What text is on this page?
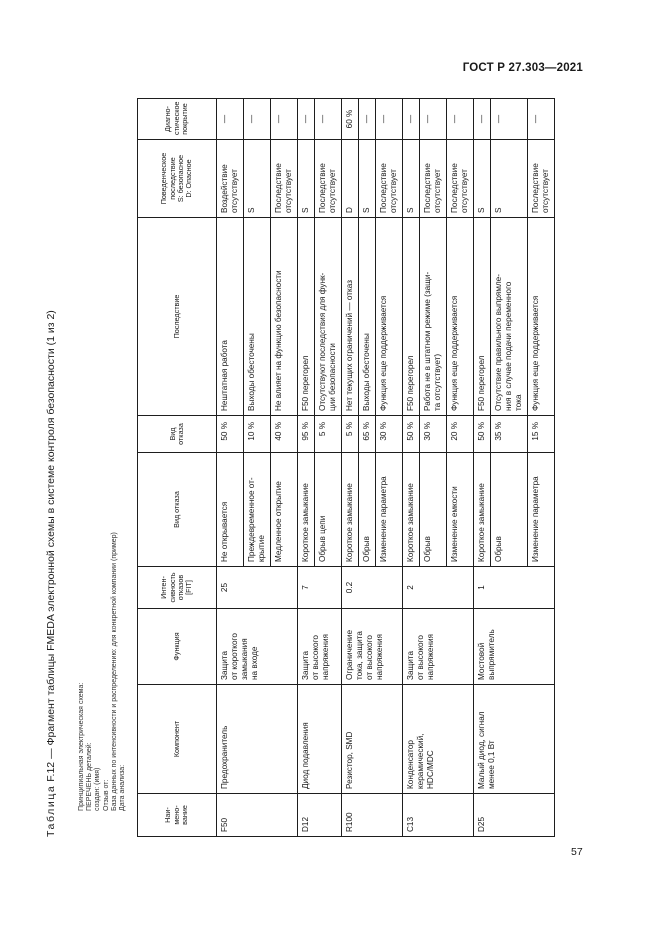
ГОСТ Р 27.303—2021
Таблица F.12 — Фрагмент таблицы FMEDA электронной схемы в системе контроля безопасности (1 из 2)	Принципиальная электрическая схема: ПЕРЕЧЕНЬ деталей: создан: (имя) Отзыв от: База данных по интенсивности и распределению: для конкретной компании (пример) Дата анализа:
Наи-
мено-
вание	Компонент	Функция	Интен-
сивность
отказов
[FIT]	Вид отказа	Вид
отказа	Последствие	Поведенческое
последствие
S: безопасное
D: Опасное	Диагно-
стическое
покрытие
F50	Предохранитель	Защита
от короткого
замыкания
на входе	25	Не открывается	50 %	Нештатная работа	Воздействие
отсутствует	—
				Преждевременное от-
крытие	10 %	Выходы обесточены	S	—
				Медленное открытие	40 %	Не влияет на функцию безопасности	Последствие
отсутствует	—
D12	Диод подавления	Защита
от высокого
напряжения	7	Короткое замыкание	95 %	F50 перегорел	S	—
				Обрыв цепи	5 %	Отсутствуют последствия для функ-
ции безопасности	Последствие
отсутствует	—
R100	Резистор, SMD	Ограничение
тока, защита
от высокого
напряжения	0.2	Короткое замыкание	5 %	Нет текущих ограничений — отказ	D	60 %
				Обрыв	65 %	Выходы обесточены	S	—
				Изменение параметра	30 %	Функция еще поддерживается	Последствие
отсутствует	—
C13	Конденсатор
керамический,
HDC/MDC	Защита
от высокого
напряжения	2	Короткое замыкание	50 %	F50 перегорел	S	—
				Обрыв	30 %	Работа не в штатном режиме (защи-
та отсутствует)	Последствие
отсутствует	—
				Изменение емкости	20 %	Функция еще поддерживается	Последствие
отсутствует	—
D25	Малый диод, сигнал
менее 0,1 Вт	Мостовой
выпрямитель	1	Короткое замыкание	50 %	F50 перегорел	S	—
				Обрыв	35 %	Отсутствие правильного выпрямле-
ния в случае подачи переменного
тока	S	—
				Изменение параметра	15 %	Функция еще поддерживается	Последствие
отсутствует	—
57
